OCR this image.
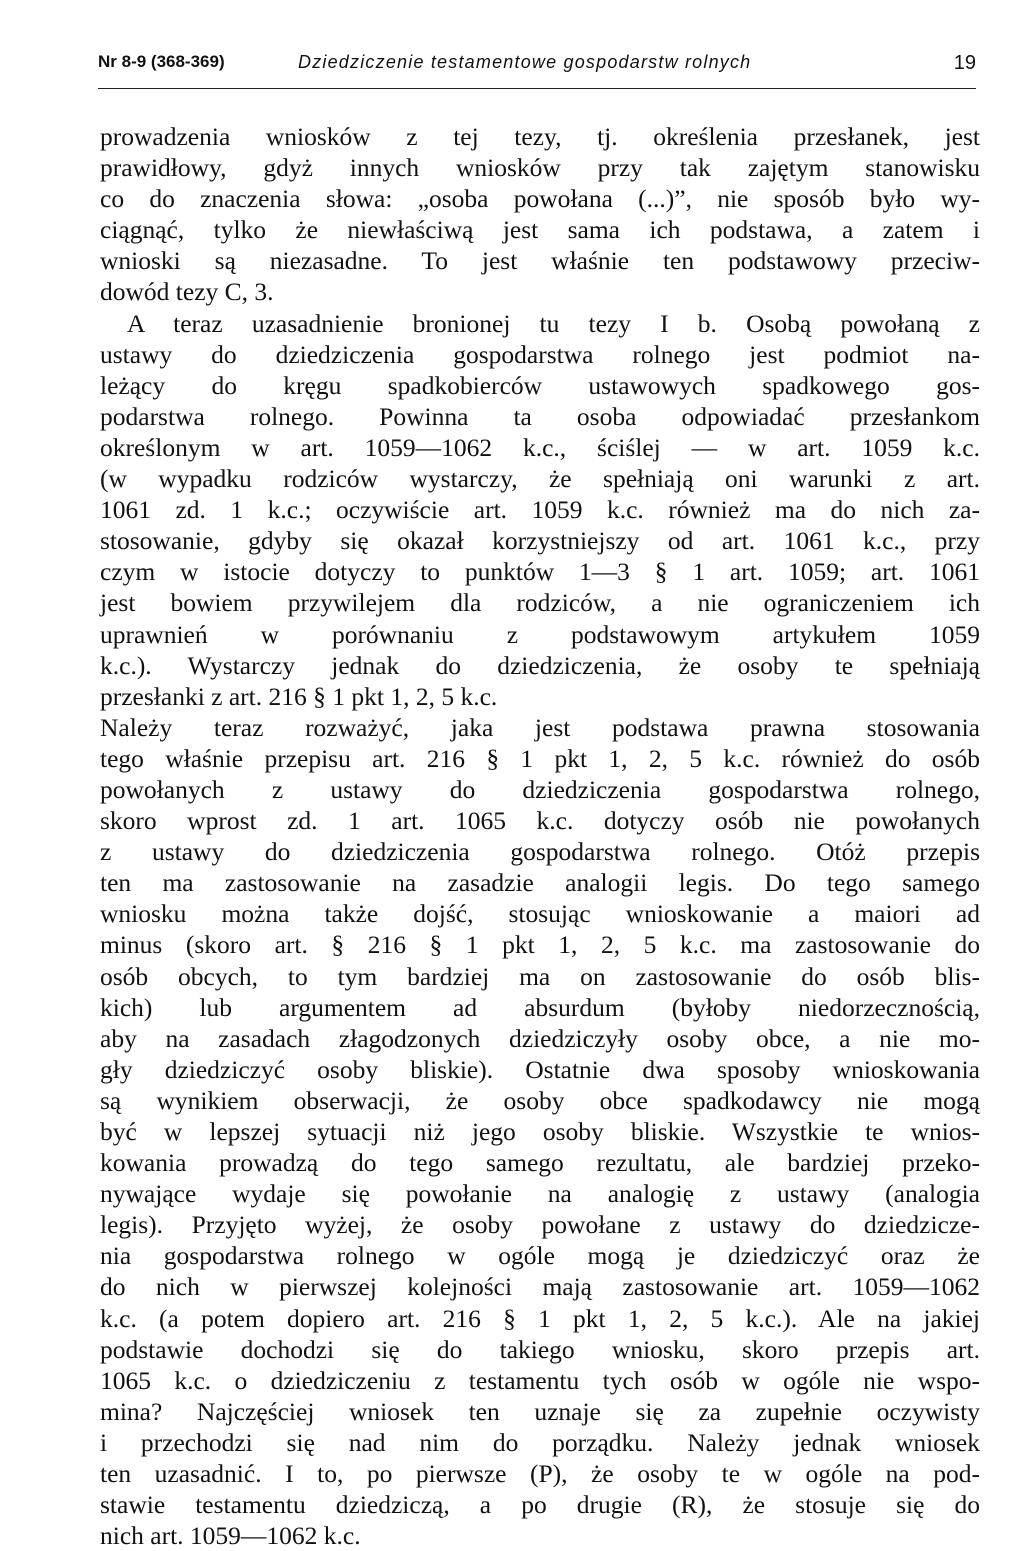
Nr 8-9 (368-369)	Dziedziczenie testamentowe gospodarstw rolnych	19
prowadzenia wniosków z tej tezy, tj. określenia przesłanek, jest
prawidłowy, gdyż innych wniosków przy tak zajętym stanowisku
co do znaczenia słowa: „osoba powołana (...)”, nie sposób było wy-
ciągnąć, tylko że niewłaściwą jest sama ich podstawa, a zatem i
wnioski są niezasadne. To jest właśnie ten podstawowy przeciw-
dowód tezy C, 3.
A teraz uzasadnienie bronionej tu tezy I b. Osobą powołaną z
ustawy do dziedziczenia gospodarstwa rolnego jest podmiot na-
leżący do kręgu spadkobierców ustawowych spadkowego gos-
podarstwa rolnego. Powinna ta osoba odpowiadać przesłankom
określonym w art. 1059—1062 k.c., ściślej — w art. 1059 k.c.
(w wypadku rodziców wystarczy, że spełniają oni warunki z art.
1061 zd. 1 k.c.; oczywiście art. 1059 k.c. również ma do nich za-
stosowanie, gdyby się okazał korzystniejszy od art. 1061 k.c., przy
czym w istocie dotyczy to punktów 1—3 § 1 art. 1059; art. 1061
jest bowiem przywilejem dla rodziców, a nie ograniczeniem ich
uprawnień w porównaniu z podstawowym artykułem 1059
k.c.). Wystarczy jednak do dziedziczenia, że osoby te spełniają
przesłanki z art. 216 § 1 pkt 1, 2, 5 k.c.
Należy teraz rozważyć, jaka jest podstawa prawna stosowania
tego właśnie przepisu art. 216 § 1 pkt 1, 2, 5 k.c. również do osób
powołanych z ustawy do dziedziczenia gospodarstwa rolnego,
skoro wprost zd. 1 art. 1065 k.c. dotyczy osób nie powołanych
z ustawy do dziedziczenia gospodarstwa rolnego. Otóż przepis
ten ma zastosowanie na zasadzie analogii legis. Do tego samego
wniosku można także dojść, stosując wnioskowanie a maiori ad
minus (skoro art. § 216 § 1 pkt 1, 2, 5 k.c. ma zastosowanie do
osób obcych, to tym bardziej ma on zastosowanie do osób blis-
kich) lub argumentem ad absurdum (byłoby niedorzecznością,
aby na zasadach złagodzonych dziedziczyły osoby obce, a nie mo-
gły dziedziczyć osoby bliskie). Ostatnie dwa sposoby wnioskowania
są wynikiem obserwacji, że osoby obce spadkodawcy nie mogą
być w lepszej sytuacji niż jego osoby bliskie. Wszystkie te wnios-
kowania prowadzą do tego samego rezultatu, ale bardziej przeko-
nywające wydaje się powołanie na analogię z ustawy (analogia
legis). Przyjęto wyżej, że osoby powołane z ustawy do dziedzicze-
nia gospodarstwa rolnego w ogóle mogą je dziedziczyć oraz że
do nich w pierwszej kolejności mają zastosowanie art. 1059—1062
k.c. (a potem dopiero art. 216 § 1 pkt 1, 2, 5 k.c.). Ale na jakiej
podstawie dochodzi się do takiego wniosku, skoro przepis art.
1065 k.c. o dziedziczeniu z testamentu tych osób w ogóle nie wspo-
mina? Najczęściej wniosek ten uznaje się za zupełnie oczywisty
i przechodzi się nad nim do porządku. Należy jednak wniosek
ten uzasadnić. I to, po pierwsze (P), że osoby te w ogóle na pod-
stawie testamentu dziedziczą, a po drugie (R), że stosuje się do
nich art. 1059—1062 k.c.
